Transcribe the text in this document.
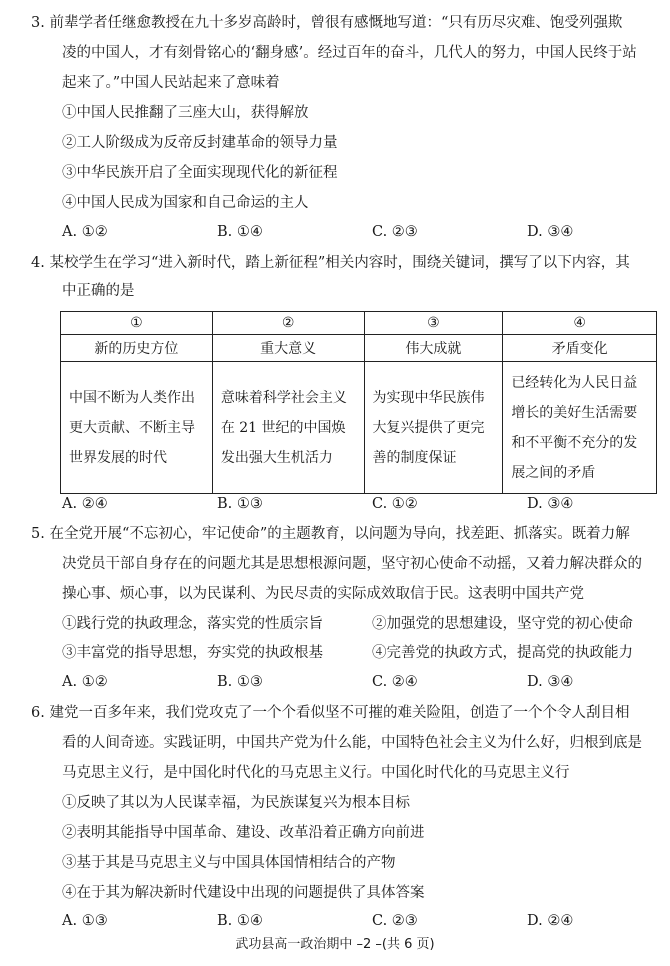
3. 前辈学者任继愈教授在九十多岁高龄时，曾很有感慨地写道：“只有历尽灾难、饱受列强欺
凌的中国人，才有刻骨铭心的‘翻身感’。经过百年的奋斗，几代人的努力，中国人民终于站
起来了。”中国人民站起来了意味着
①中国人民推翻了三座大山，获得解放
②工人阶级成为反帝反封建革命的领导力量
③中华民族开启了全面实现现代化的新征程
④中国人民成为国家和自己命运的主人
A. ①②	B. ①④	C. ②③	D. ③④
4. 某校学生在学习“进入新时代，踏上新征程”相关内容时，围绕关键词，撰写了以下内容，其
中正确的是
①	②	③	④
新的历史方位	重大意义	伟大成就	矛盾变化

中国不断为人类作出更大贡献、不断主导世界发展的时代	意味着科学社会主义在 21 世纪的中国焕发出强大生机活力	为实现中华民族伟大复兴提供了更完善的制度保证	已经转化为人民日益增长的美好生活需要和不平衡不充分的发展之间的矛盾
A. ②④	B. ①③	C. ①②	D. ③④
5. 在全党开展“不忘初心，牢记使命”的主题教育，以问题为导向，找差距、抓落实。既着力解
决党员干部自身存在的问题尤其是思想根源问题，坚守初心使命不动摇，又着力解决群众的
操心事、烦心事，以为民谋利、为民尽责的实际成效取信于民。这表明中国共产党
①践行党的执政理念，落实党的性质宗旨	②加强党的思想建设，坚守党的初心使命
③丰富党的指导思想，夯实党的执政根基	④完善党的执政方式，提高党的执政能力
A. ①②	B. ①③	C. ②④	D. ③④
6. 建党一百多年来，我们党攻克了一个个看似坚不可摧的难关险阻，创造了一个个令人刮目相
看的人间奇迹。实践证明，中国共产党为什么能，中国特色社会主义为什么好，归根到底是
马克思主义行，是中国化时代化的马克思主义行。中国化时代化的马克思主义行
①反映了其以为人民谋幸福，为民族谋复兴为根本目标
②表明其能指导中国革命、建设、改革沿着正确方向前进
③基于其是马克思主义与中国具体国情相结合的产物
④在于其为解决新时代建设中出现的问题提供了具体答案
A. ①③	B. ①④	C. ②③	D. ②④
武功县高一政治期中 –2 –(共 6 页)
